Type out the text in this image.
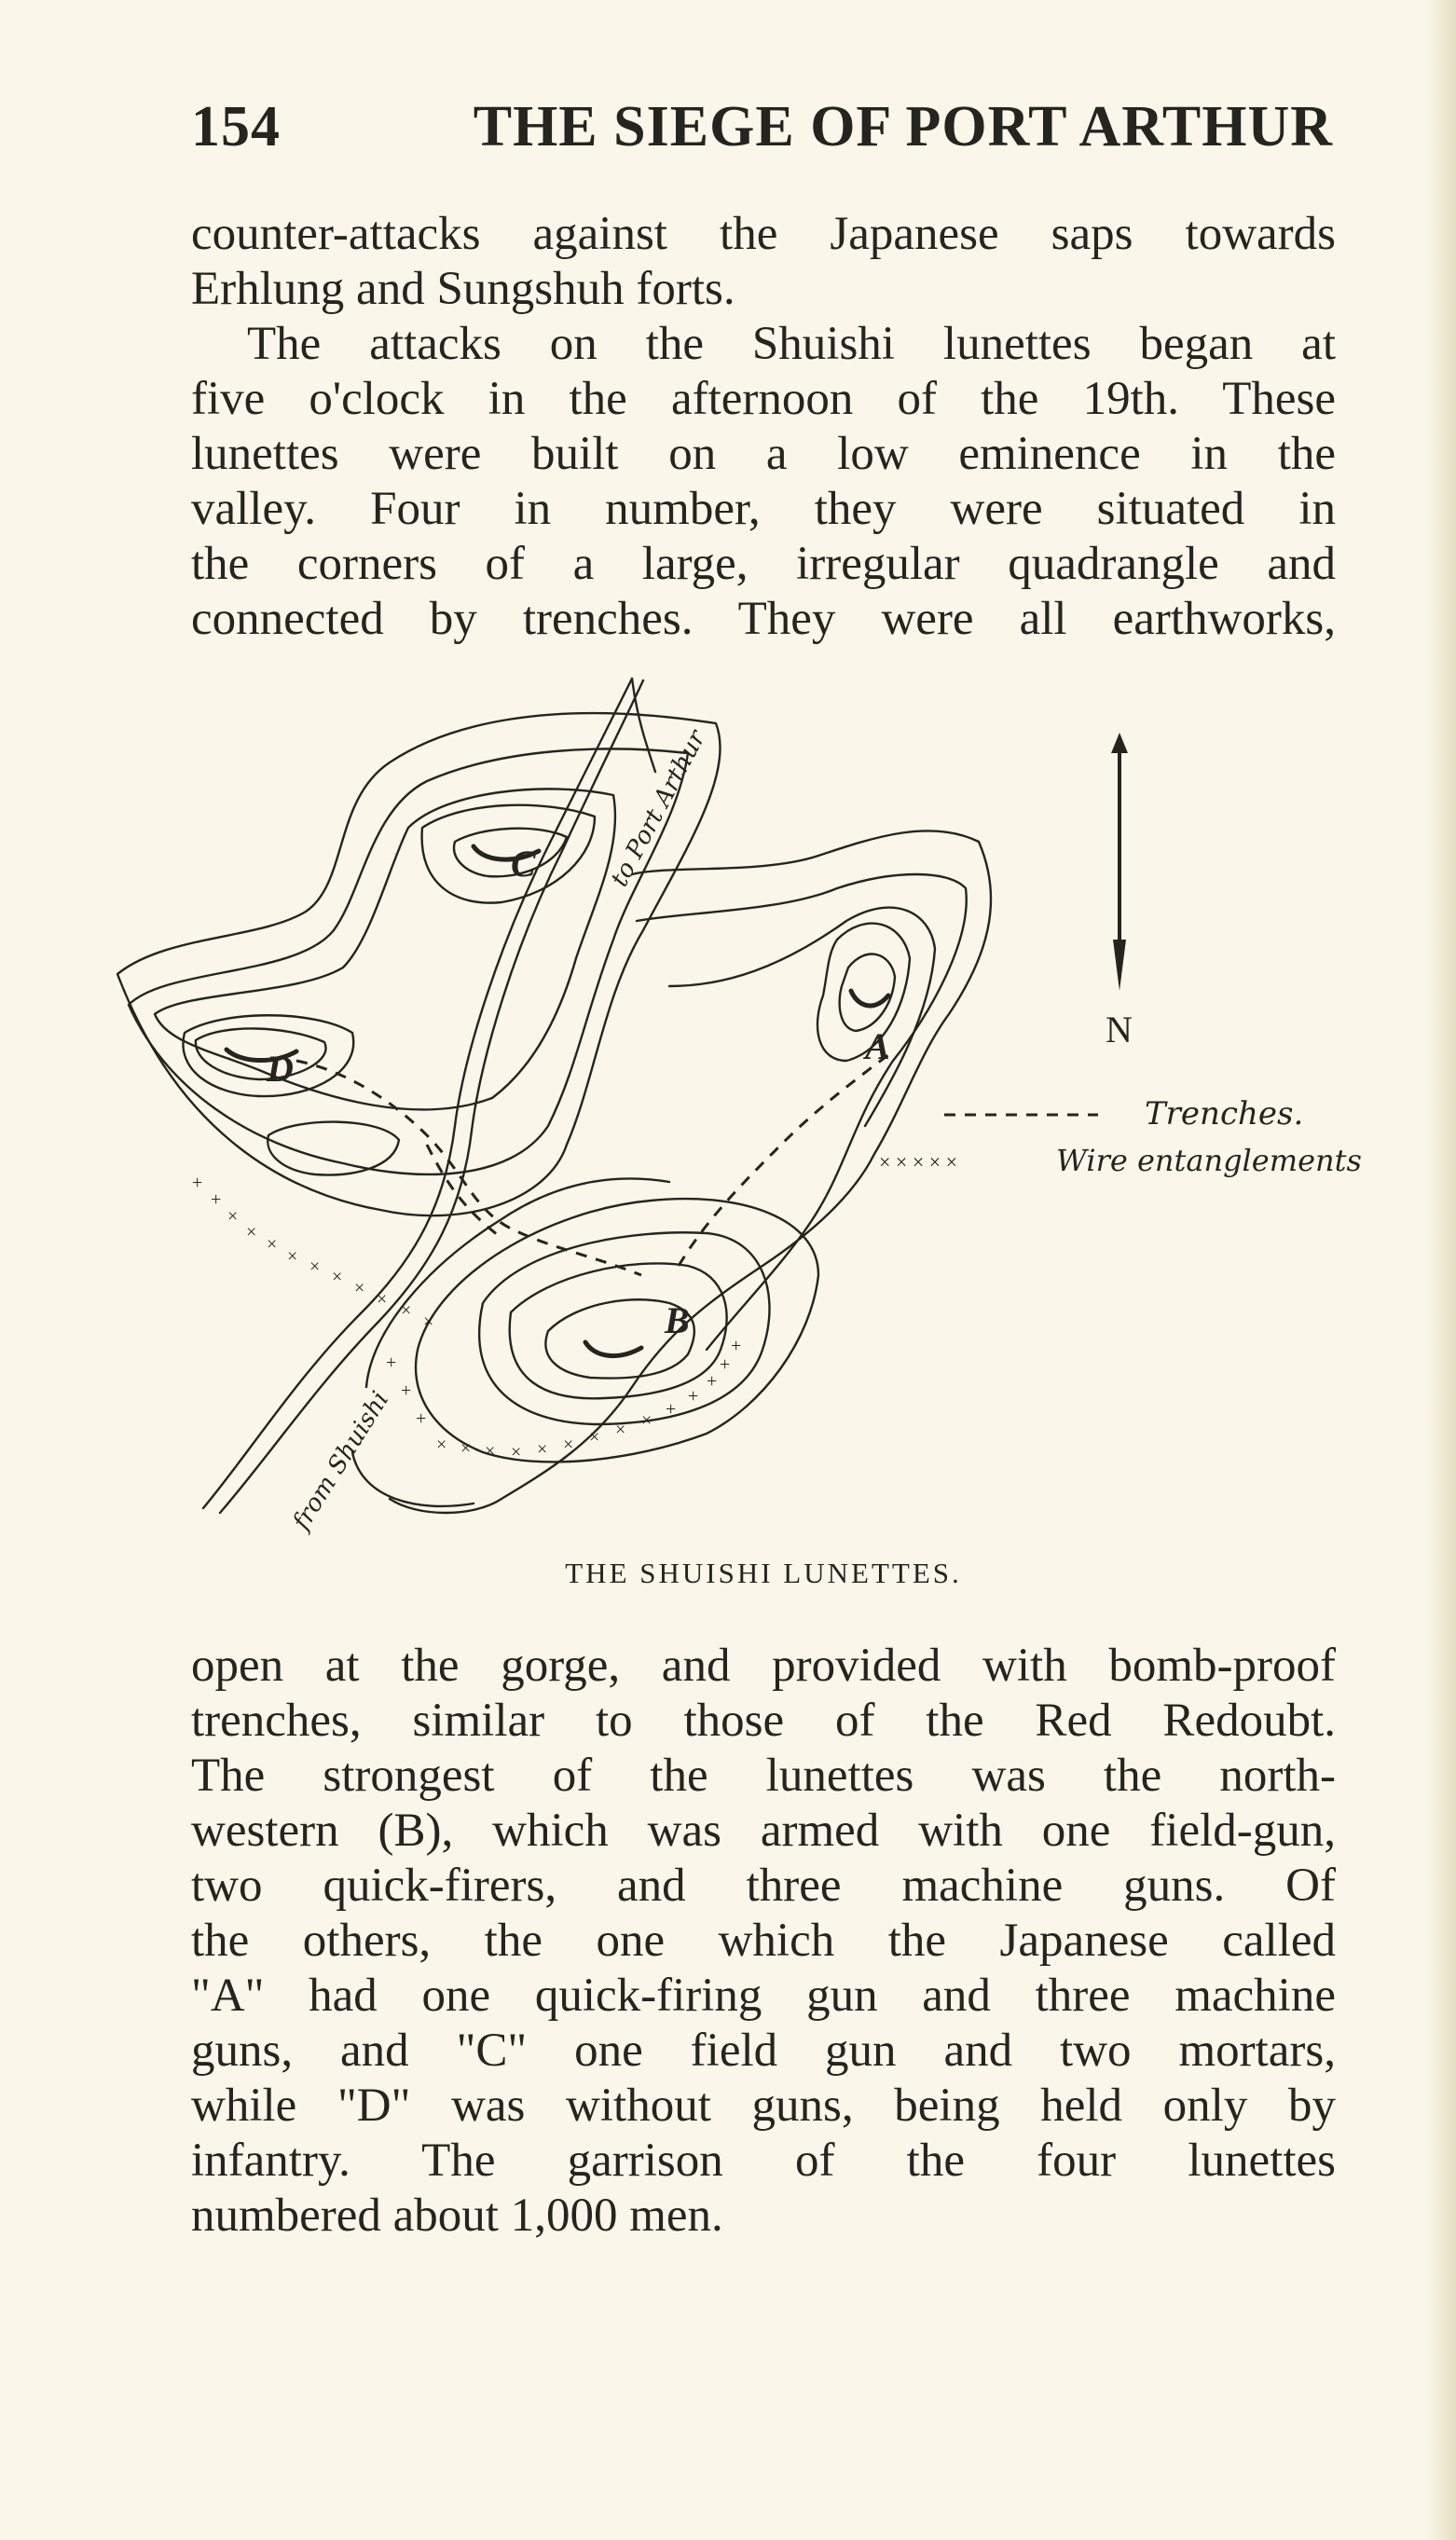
154	THE SIEGE OF PORT ARTHUR
counter-attacks against the Japanese saps towards
Erhlung and Sungshuh forts.
The attacks on the Shuishi lunettes began at
five o'clock in the afternoon of the 19th. These
lunettes were built on a low eminence in the
valley. Four in number, they were situated in
the corners of a large, irregular quadrangle and
connected by trenches. They were all earthworks,
+
+
×
×
×
× × ×
×
×
×
×
+
+
+
× × × × × × × × ×
+
+
+
+
+
C
D
A
B
to Port Arthur
from Shuishi
N
Trenches.
× × × × ×	Wire entanglements
THE SHUISHI LUNETTES.
open at the gorge, and provided with bomb-proof
trenches, similar to those of the Red Redoubt.
The strongest of the lunettes was the north-
western (B), which was armed with one field-gun,
two quick-firers, and three machine guns. Of
the others, the one which the Japanese called
"A" had one quick-firing gun and three machine
guns, and "C" one field gun and two mortars,
while "D" was without guns, being held only by
infantry. The garrison of the four lunettes
numbered about 1,000 men.
